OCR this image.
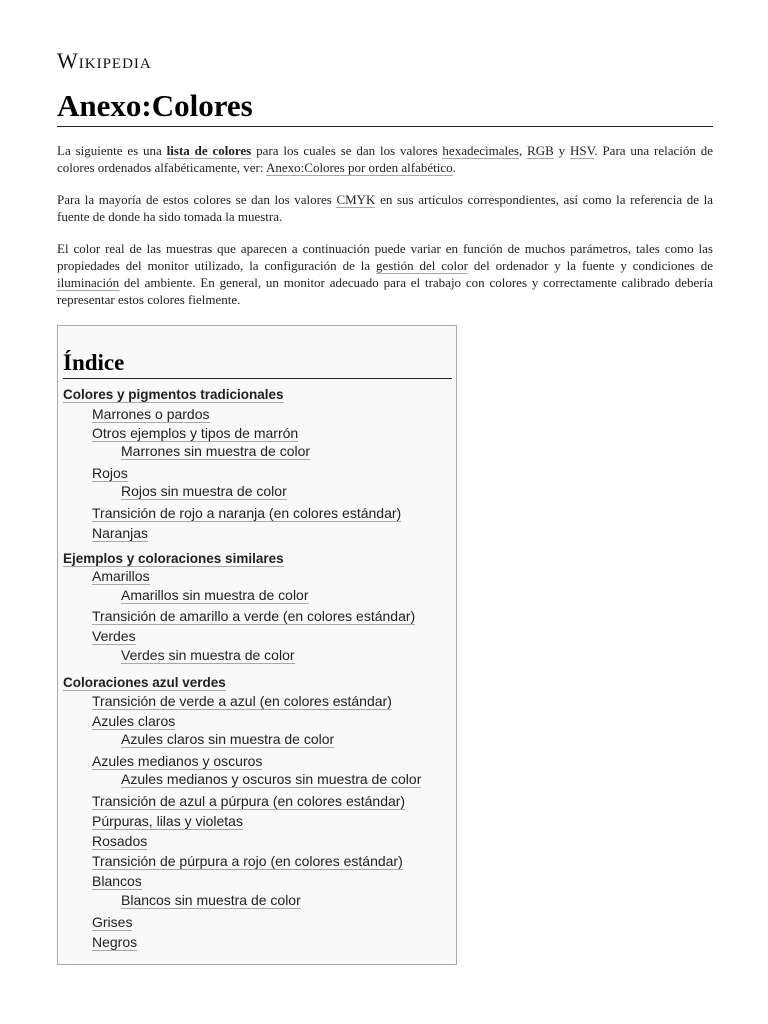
Wikipedia
Anexo:Colores

La siguiente es una lista de colores para los cuales se dan los valores hexadecimales, RGB y HSV. Para una relación de colores ordenados alfabéticamente, ver: Anexo:Colores por orden alfabético.

Para la mayoría de estos colores se dan los valores CMYK en sus artículos correspondientes, así como la referencia de la fuente de donde ha sido tomada la muestra.

El color real de las muestras que aparecen a continuación puede variar en función de muchos parámetros, tales como las propiedades del monitor utilizado, la configuración de la gestión del color del ordenador y la fuente y condiciones de iluminación del ambiente. En general, un monitor adecuado para el trabajo con colores y correctamente calibrado debería representar estos colores fielmente.

Índice
Colores y pigmentos tradicionales
Marrones o pardos
Otros ejemplos y tipos de marrón
Marrones sin muestra de color
Rojos
Rojos sin muestra de color
Transición de rojo a naranja (en colores estándar)
Naranjas
Ejemplos y coloraciones similares
Amarillos
Amarillos sin muestra de color
Transición de amarillo a verde (en colores estándar)
Verdes
Verdes sin muestra de color
Coloraciones azul verdes
Transición de verde a azul (en colores estándar)
Azules claros
Azules claros sin muestra de color
Azules medianos y oscuros
Azules medianos y oscuros sin muestra de color
Transición de azul a púrpura (en colores estándar)
Púrpuras, lilas y violetas
Rosados
Transición de púrpura a rojo (en colores estándar)
Blancos
Blancos sin muestra de color
Grises
Negros
